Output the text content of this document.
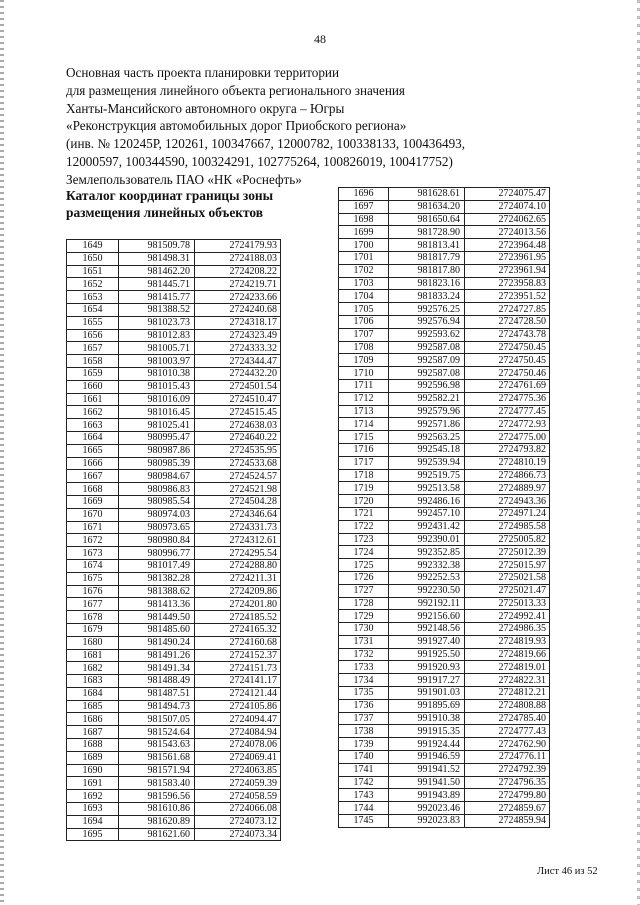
48
Основная часть проекта планировки территории
для размещения линейного объекта регионального значения
Ханты-Мансийского автономного округа – Югры
«Реконструкция автомобильных дорог Приобского региона»
(инв. № 120245Р, 120261, 100347667, 12000782, 100338133, 100436493,
12000597, 100344590, 100324291, 102775264, 100826019, 100417752)
Землепользователь ПАО «НК «Роснефть»
Каталог координат границы зоны
размещения линейных объектов
1649	981509.78	2724179.93
1650	981498.31	2724188.03
1651	981462.20	2724208.22
1652	981445.71	2724219.71
1653	981415.77	2724233.66
1654	981388.52	2724240.68
1655	981023.73	2724318.17
1656	981012.83	2724323.49
1657	981005.71	2724333.32
1658	981003.97	2724344.47
1659	981010.38	2724432.20
1660	981015.43	2724501.54
1661	981016.09	2724510.47
1662	981016.45	2724515.45
1663	981025.41	2724638.03
1664	980995.47	2724640.22
1665	980987.86	2724535.95
1666	980985.39	2724533.68
1667	980984.67	2724524.57
1668	980986.83	2724521.98
1669	980985.54	2724504.28
1670	980974.03	2724346.64
1671	980973.65	2724331.73
1672	980980.84	2724312.61
1673	980996.77	2724295.54
1674	981017.49	2724288.80
1675	981382.28	2724211.31
1676	981388.62	2724209.86
1677	981413.36	2724201.80
1678	981449.50	2724185.52
1679	981485.60	2724165.32
1680	981490.24	2724160.68
1681	981491.26	2724152.37
1682	981491.34	2724151.73
1683	981488.49	2724141.17
1684	981487.51	2724121.44
1685	981494.73	2724105.86
1686	981507.05	2724094.47
1687	981524.64	2724084.94
1688	981543.63	2724078.06
1689	981561.68	2724069.41
1690	981571.94	2724063.85
1691	981583.40	2724059.39
1692	981596.56	2724058.59
1693	981610.86	2724066.08
1694	981620.89	2724073.12
1695	981621.60	2724073.34
1696	981628.61	2724075.47
1697	981634.20	2724074.10
1698	981650.64	2724062.65
1699	981728.90	2724013.56
1700	981813.41	2723964.48
1701	981817.79	2723961.95
1702	981817.80	2723961.94
1703	981823.16	2723958.83
1704	981833.24	2723951.52
1705	992576.25	2724727.85
1706	992576.94	2724728.50
1707	992593.62	2724743.78
1708	992587.08	2724750.45
1709	992587.09	2724750.45
1710	992587.08	2724750.46
1711	992596.98	2724761.69
1712	992582.21	2724775.36
1713	992579.96	2724777.45
1714	992571.86	2724772.93
1715	992563.25	2724775.00
1716	992545.18	2724793.82
1717	992539.94	2724810.19
1718	992519.75	2724866.73
1719	992513.58	2724889.97
1720	992486.16	2724943.36
1721	992457.10	2724971.24
1722	992431.42	2724985.58
1723	992390.01	2725005.82
1724	992352.85	2725012.39
1725	992332.38	2725015.97
1726	992252.53	2725021.58
1727	992230.50	2725021.47
1728	992192.11	2725013.33
1729	992156.60	2724992.41
1730	992148.56	2724986.35
1731	991927.40	2724819.93
1732	991925.50	2724819.66
1733	991920.93	2724819.01
1734	991917.27	2724822.31
1735	991901.03	2724812.21
1736	991895.69	2724808.88
1737	991910.38	2724785.40
1738	991915.35	2724777.43
1739	991924.44	2724762.90
1740	991946.59	2724776.11
1741	991941.52	2724792.39
1742	991941.50	2724796.35
1743	991943.89	2724799.80
1744	992023.46	2724859.67
1745	992023.83	2724859.94
Лист 46 из 52
